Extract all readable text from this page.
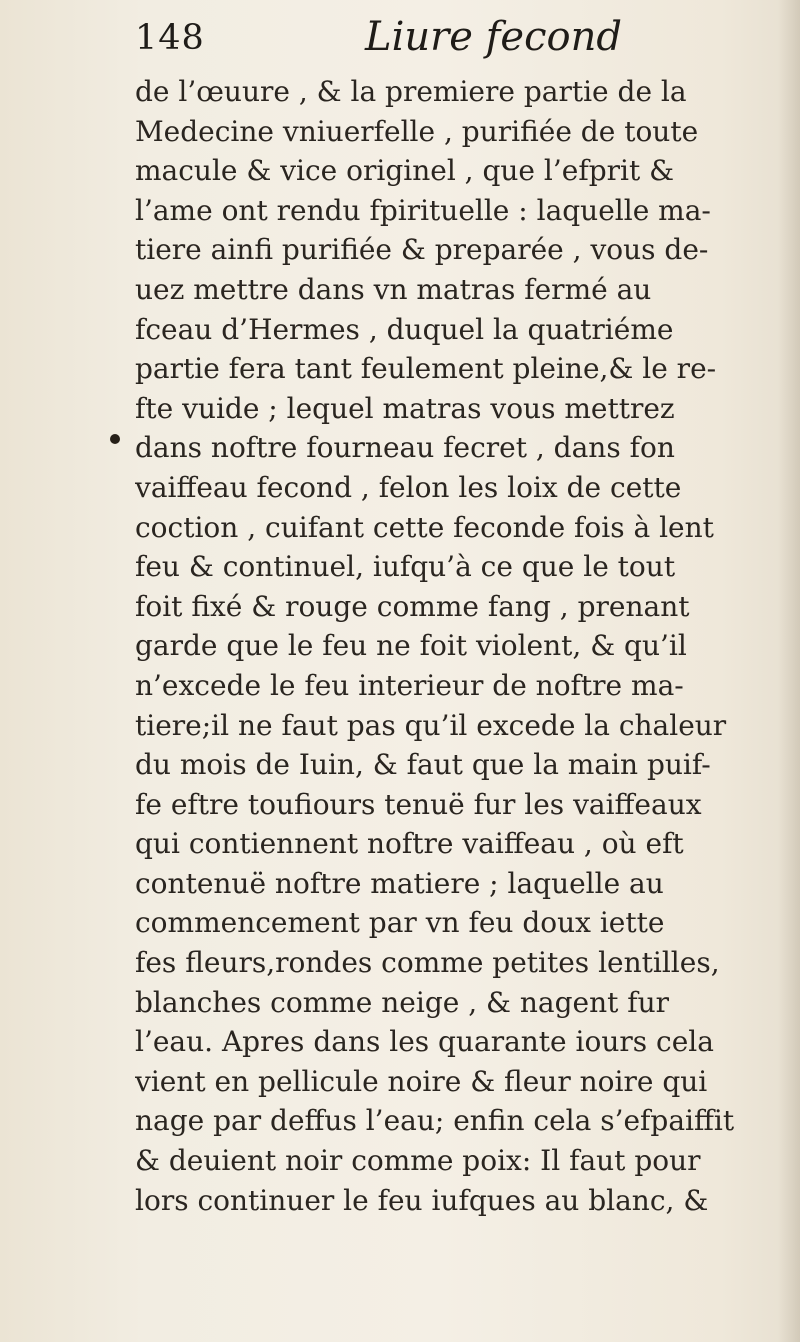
148	Liure fecond
de l’œuure , & la premiere partie de la
Medecine vniuerfelle , purifiée de toute
macule & vice originel , que l’efprit &
l’ame ont rendu fpirituelle : laquelle ma-
tiere ainfi purifiée & preparée , vous de-
uez mettre dans vn matras fermé au
fceau d’Hermes , duquel la quatriéme
partie fera tant feulement pleine,& le re-
fte vuide ; lequel matras vous mettrez
dans noftre fourneau fecret , dans fon
vaiffeau fecond , felon les loix de cette
coction , cuifant cette feconde fois à lent
feu & continuel, iufqu’à ce que le tout
foit fixé & rouge comme fang , prenant
garde que le feu ne foit violent, & qu’il
n’excede le feu interieur de noftre ma-
tiere;il ne faut pas qu’il excede la chaleur
du mois de Iuin, & faut que la main puif-
fe eftre toufiours tenuë fur les vaiffeaux
qui contiennent noftre vaiffeau , où eft
contenuë noftre matiere ; laquelle au
commencement par vn feu doux iette
fes fleurs,rondes comme petites lentilles,
blanches comme neige , & nagent fur
l’eau. Apres dans les quarante iours cela
vient en pellicule noire & fleur noire qui
nage par deffus l’eau; enfin cela s’efpaiffit
& deuient noir comme poix: Il faut pour
lors continuer le feu iufques au blanc, &
